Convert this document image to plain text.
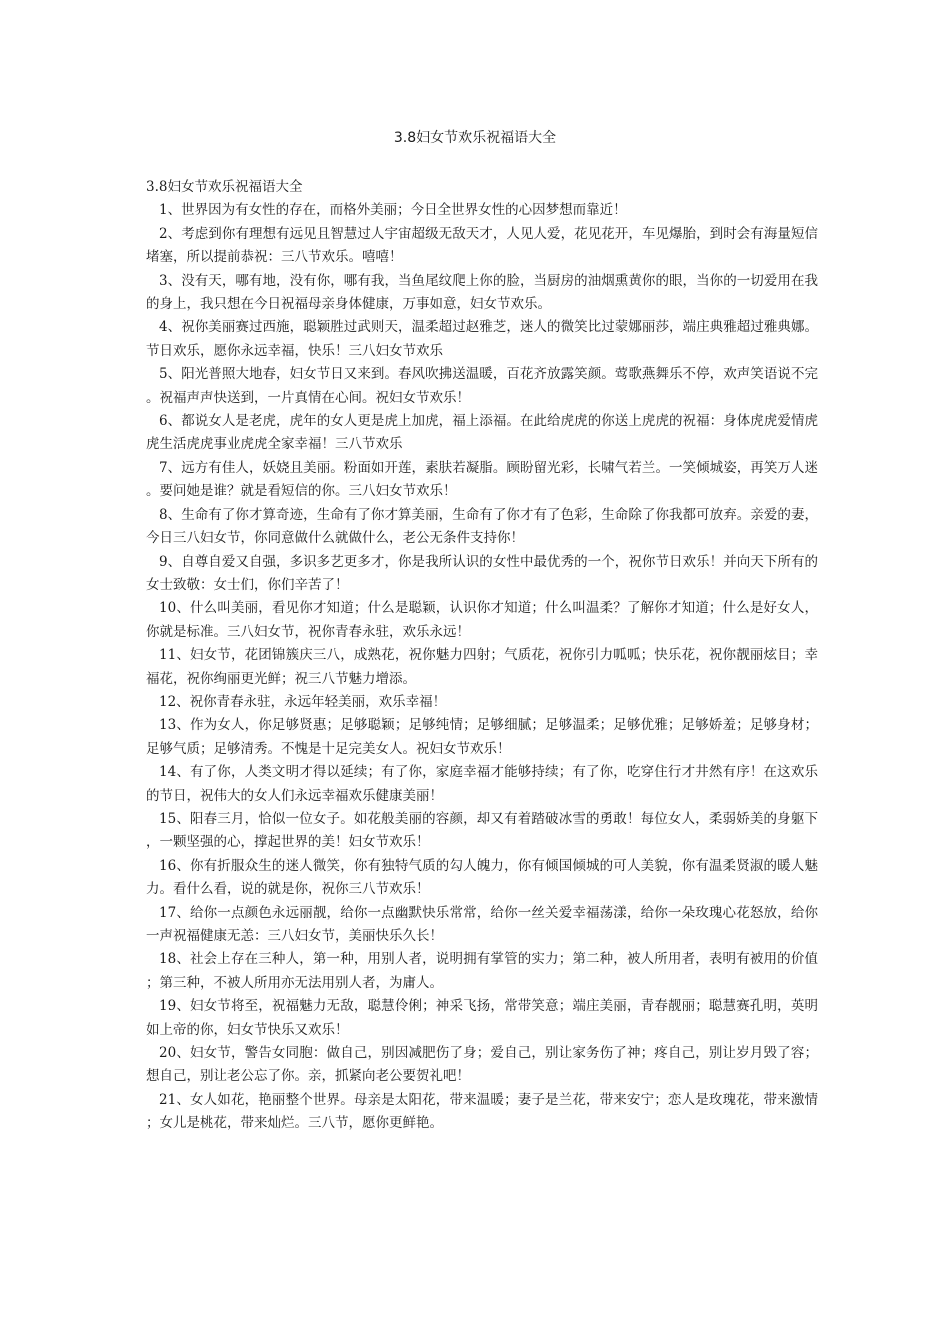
3.8妇女节欢乐祝福语大全

3.8妇女节欢乐祝福语大全

1、世界因为有女性的存在，而格外美丽；今日全世界女性的心因梦想而靠近！

2、考虑到你有理想有远见且智慧过人宇宙超级无敌天才，人见人爱，花见花开，车见爆胎，到时会有海量短信堵塞，所以提前恭祝：三八节欢乐。嘻嘻！

3、没有天，哪有地，没有你，哪有我，当鱼尾纹爬上你的脸，当厨房的油烟熏黄你的眼，当你的一切爱用在我的身上，我只想在今日祝福母亲身体健康，万事如意，妇女节欢乐。

4、祝你美丽赛过西施，聪颖胜过武则天，温柔超过赵雅芝，迷人的微笑比过蒙娜丽莎，端庄典雅超过雅典娜。节日欢乐，愿你永远幸福，快乐！三八妇女节欢乐

5、阳光普照大地春，妇女节日又来到。春风吹拂送温暖，百花齐放露笑颜。莺歌燕舞乐不停，欢声笑语说不完。祝福声声快送到，一片真情在心间。祝妇女节欢乐！

6、都说女人是老虎，虎年的女人更是虎上加虎，福上添福。在此给虎虎的你送上虎虎的祝福：身体虎虎爱情虎虎生活虎虎事业虎虎全家幸福！三八节欢乐

7、远方有佳人，妖娆且美丽。粉面如开莲，素肤若凝脂。顾盼留光彩，长啸气若兰。一笑倾城姿，再笑万人迷。要问她是谁？就是看短信的你。三八妇女节欢乐！

8、生命有了你才算奇迹，生命有了你才算美丽，生命有了你才有了色彩，生命除了你我都可放弃。亲爱的妻，今日三八妇女节，你同意做什么就做什么，老公无条件支持你！

9、自尊自爱又自强，多识多艺更多才，你是我所认识的女性中最优秀的一个，祝你节日欢乐！并向天下所有的女士致敬：女士们，你们辛苦了！

10、什么叫美丽，看见你才知道；什么是聪颖，认识你才知道；什么叫温柔？了解你才知道；什么是好女人，你就是标准。三八妇女节，祝你青春永驻，欢乐永远！

11、妇女节，花团锦簇庆三八，成熟花，祝你魅力四射；气质花，祝你引力呱呱；快乐花，祝你靓丽炫目；幸福花，祝你绚丽更光鲜；祝三八节魅力增添。

12、祝你青春永驻，永远年轻美丽，欢乐幸福！

13、作为女人，你足够贤惠；足够聪颖；足够纯情；足够细腻；足够温柔；足够优雅；足够娇羞；足够身材；足够气质；足够清秀。不愧是十足完美女人。祝妇女节欢乐！

14、有了你，人类文明才得以延续；有了你，家庭幸福才能够持续；有了你，吃穿住行才井然有序！在这欢乐的节日，祝伟大的女人们永远幸福欢乐健康美丽！

15、阳春三月，恰似一位女子。如花般美丽的容颜，却又有着踏破冰雪的勇敢！每位女人，柔弱娇美的身躯下，一颗坚强的心，撑起世界的美！妇女节欢乐！

16、你有折服众生的迷人微笑，你有独特气质的勾人魄力，你有倾国倾城的可人美貌，你有温柔贤淑的暖人魅力。看什么看，说的就是你，祝你三八节欢乐！

17、给你一点颜色永远丽靓，给你一点幽默快乐常常，给你一丝关爱幸福荡漾，给你一朵玫瑰心花怒放，给你一声祝福健康无恙：三八妇女节，美丽快乐久长！

18、社会上存在三种人，第一种，用别人者，说明拥有掌管的实力；第二种，被人所用者，表明有被用的价值；第三种，不被人所用亦无法用别人者，为庸人。

19、妇女节将至，祝福魅力无敌，聪慧伶俐；神采飞扬，常带笑意；端庄美丽，青春靓丽；聪慧赛孔明，英明如上帝的你，妇女节快乐又欢乐！

20、妇女节，警告女同胞：做自己，别因减肥伤了身；爱自己，别让家务伤了神；疼自己，别让岁月毁了容；想自己，别让老公忘了你。亲，抓紧向老公要贺礼吧！

21、女人如花，艳丽整个世界。母亲是太阳花，带来温暖；妻子是兰花，带来安宁；恋人是玫瑰花，带来激情；女儿是桃花，带来灿烂。三八节，愿你更鲜艳。
